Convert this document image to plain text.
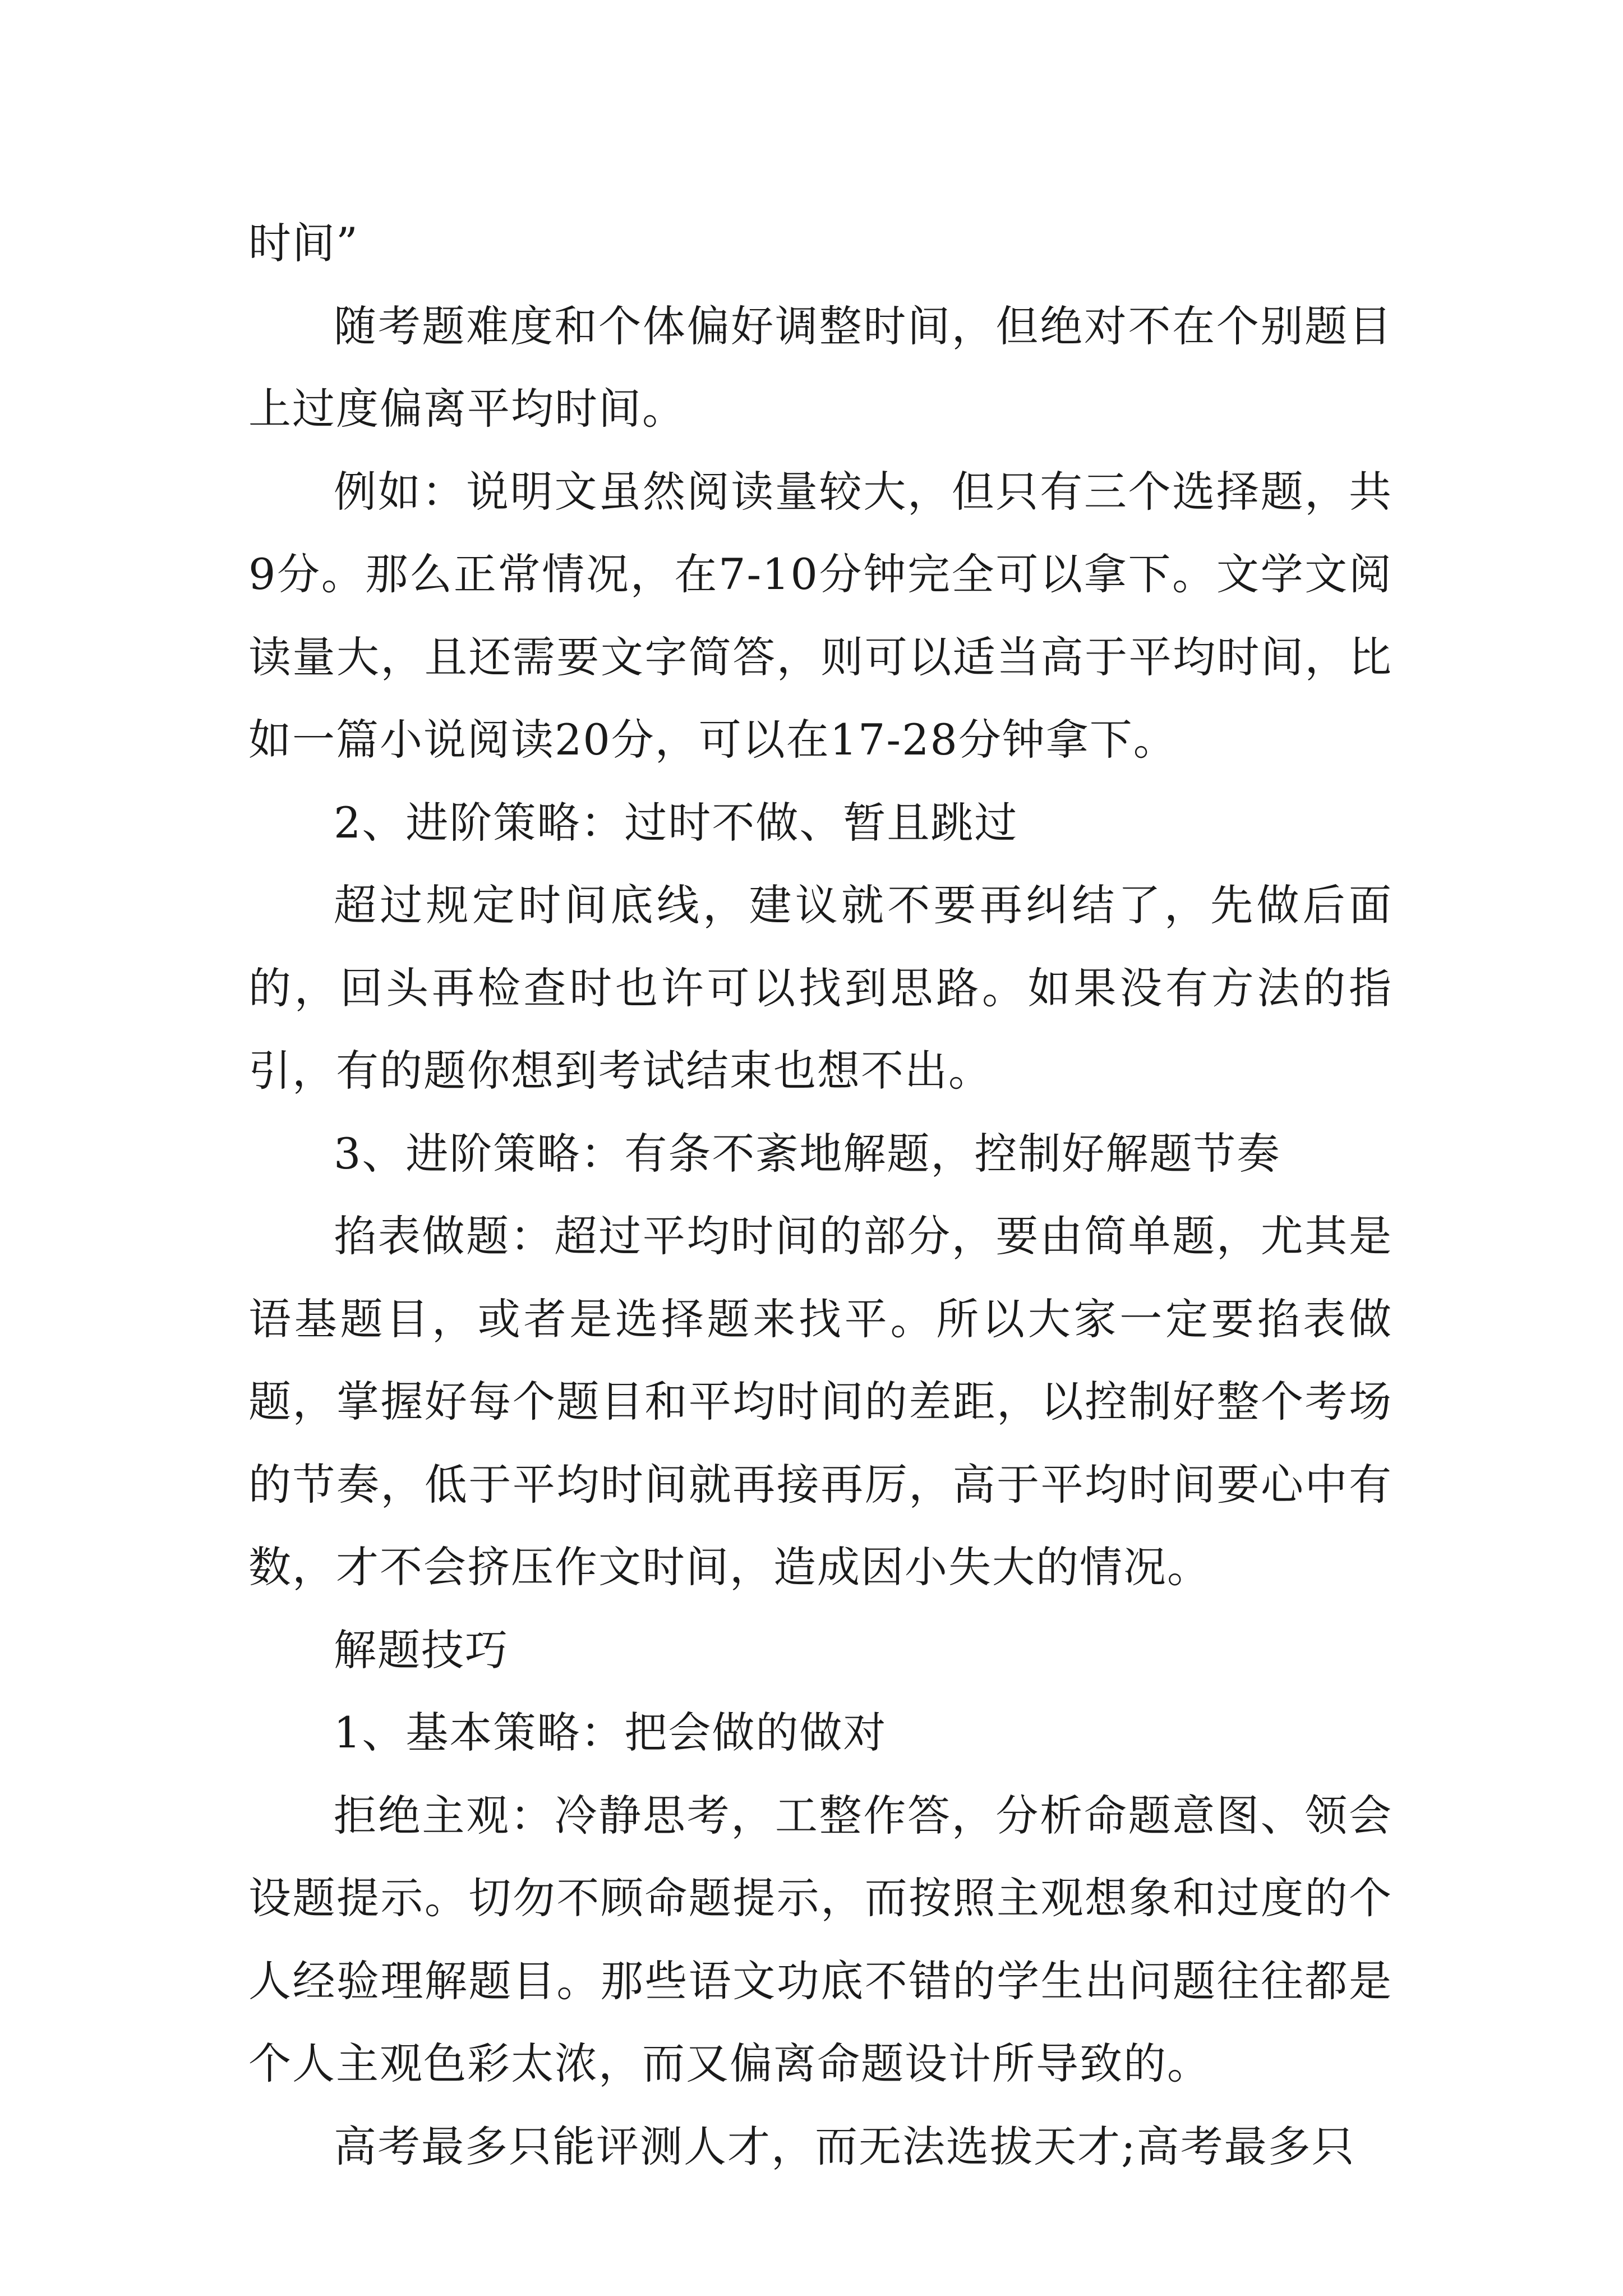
时间”

随考题难度和个体偏好调整时间，但绝对不在个别题目上过度偏离平均时间。

例如：说明文虽然阅读量较大，但只有三个选择题，共9分。那么正常情况，在7-10分钟完全可以拿下。文学文阅读量大，且还需要文字简答，则可以适当高于平均时间，比如一篇小说阅读20分，可以在17-28分钟拿下。

2、进阶策略：过时不做、暂且跳过

超过规定时间底线，建议就不要再纠结了，先做后面的，回头再检查时也许可以找到思路。如果没有方法的指引，有的题你想到考试结束也想不出。

3、进阶策略：有条不紊地解题，控制好解题节奏

掐表做题：超过平均时间的部分，要由简单题，尤其是语基题目，或者是选择题来找平。所以大家一定要掐表做题，掌握好每个题目和平均时间的差距，以控制好整个考场的节奏，低于平均时间就再接再厉，高于平均时间要心中有数，才不会挤压作文时间，造成因小失大的情况。

解题技巧

1、基本策略：把会做的做对

拒绝主观：冷静思考，工整作答，分析命题意图、领会设题提示。切勿不顾命题提示，而按照主观想象和过度的个人经验理解题目。那些语文功底不错的学生出问题往往都是个人主观色彩太浓，而又偏离命题设计所导致的。

高考最多只能评测人才，而无法选拔天才;高考最多只
